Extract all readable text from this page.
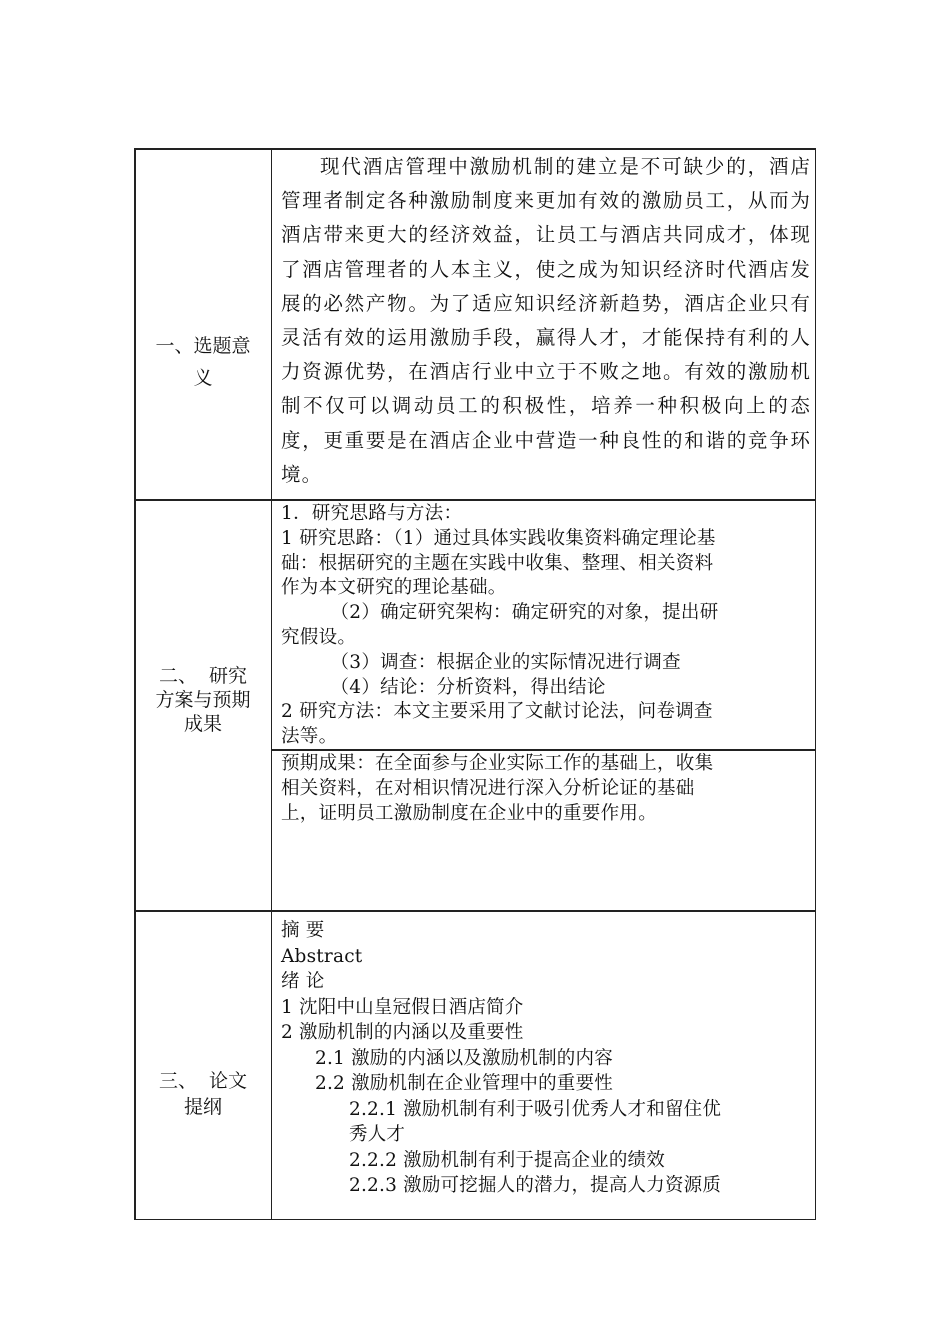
一、选题意
义

现代酒店管理中激励机制的建立是不可缺少的，酒店管理者制定各种激励制度来更加有效的激励员工，从而为酒店带来更大的经济效益，让员工与酒店共同成才，体现了酒店管理者的人本主义，使之成为知识经济时代酒店发展的必然产物。为了适应知识经济新趋势，酒店企业只有灵活有效的运用激励手段，赢得人才，才能保持有利的人力资源优势，在酒店行业中立于不败之地。有效的激励机制不仅可以调动员工的积极性，培养一种积极向上的态度，更重要是在酒店企业中营造一种良性的和谐的竞争环境。

二、  研究
方案与预期
成果
1．研究思路与方法：
1 研究思路：（1）通过具体实践收集资料确定理论基
础：根据研究的主题在实践中收集、整理、相关资料
作为本文研究的理论基础。
（2）确定研究架构：确定研究的对象，提出研
究假设。
（3）调查：根据企业的实际情况进行调查
（4）结论：分析资料，得出结论
2 研究方法：本文主要采用了文献讨论法，问卷调查
法等。
预期成果：在全面参与企业实际工作的基础上，收集
相关资料，在对相识情况进行深入分析论证的基础
上，证明员工激励制度在企业中的重要作用。
三、  论文
提纲
摘 要
Abstract
绪 论
1 沈阳中山皇冠假日酒店简介
2 激励机制的内涵以及重要性
2.1 激励的内涵以及激励机制的内容
2.2 激励机制在企业管理中的重要性
2.2.1 激励机制有利于吸引优秀人才和留住优
秀人才
2.2.2 激励机制有利于提高企业的绩效
2.2.3 激励可挖掘人的潜力，提高人力资源质
